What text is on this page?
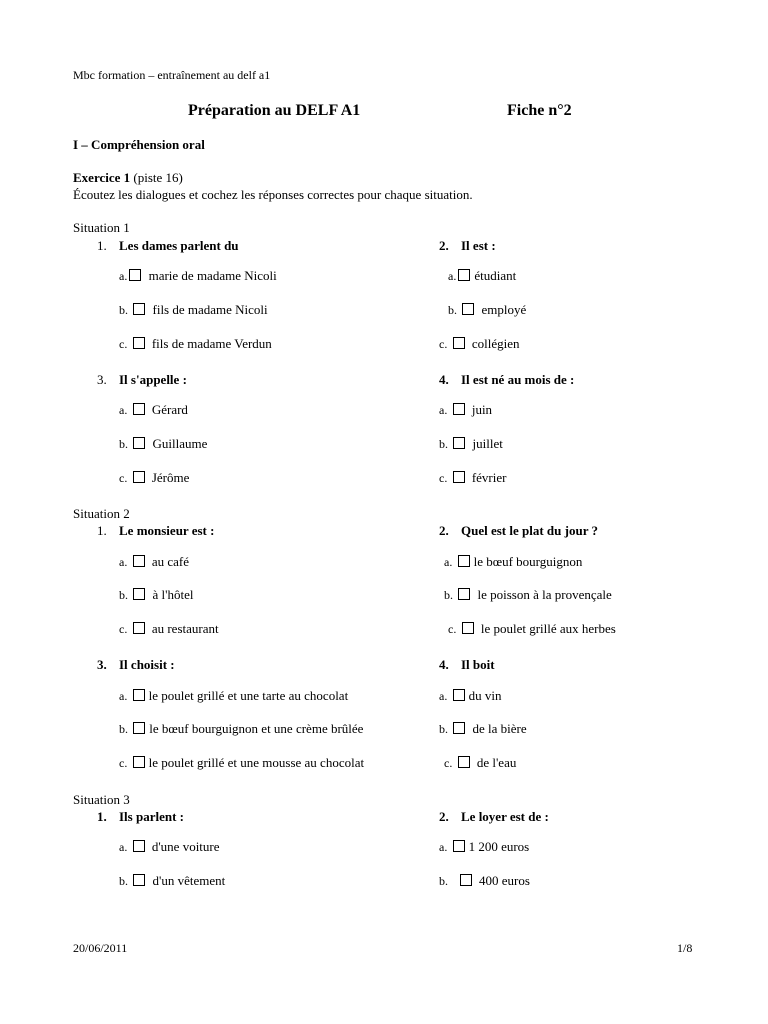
Mbc formation – entraînement au delf a1
Préparation au DELF A1	Fiche n°2
I – Compréhension oral
Exercice 1 (piste 16)
Écoutez les dialogues et cochez les réponses correctes pour chaque situation.
Situation 1
1. Les dames parlent du
a. marie de madame Nicoli
b. fils de madame Nicoli
c. fils de madame Verdun
2. Il est :
a. étudiant
b. employé
c. collégien
3. Il s'appelle :
a. Gérard
b. Guillaume
c. Jérôme
4. Il est né au mois de :
a. juin
b. juillet
c. février
Situation 2
1. Le monsieur est :
a. au café
b. à l'hôtel
c. au restaurant
2. Quel est le plat du jour ?
a. le bœuf bourguignon
b. le poisson à la provençale
c. le poulet grillé aux herbes
3. Il choisit :
a. le poulet grillé et une tarte au chocolat
b. le bœuf bourguignon et une crème brûlée
c. le poulet grillé et une mousse au chocolat
4. Il boit
a. du vin
b. de la bière
c. de l'eau
Situation 3
1. Ils parlent :
a. d'une voiture
b. d'un vêtement
2. Le loyer est de :
a. 1 200 euros
b. 400 euros
20/06/2011	1/8
